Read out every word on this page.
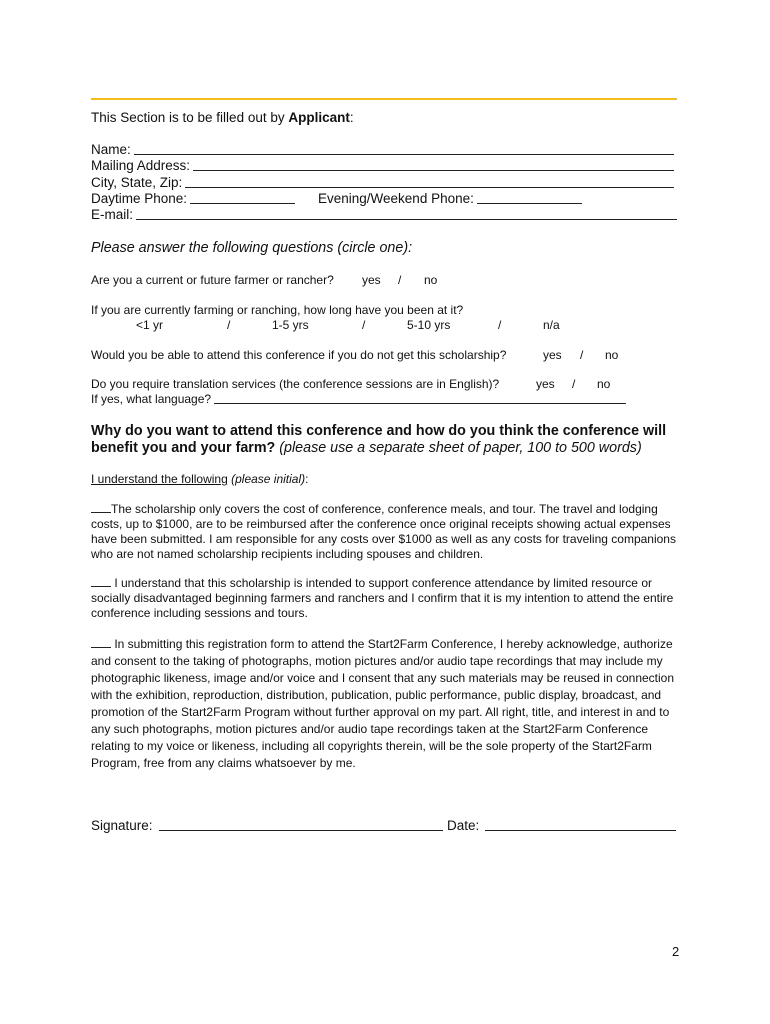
This Section is to be filled out by Applicant:
Name:
Mailing Address:
City, State, Zip:
Daytime Phone:	Evening/Weekend Phone:
E-mail:
Please answer the following questions (circle one):
Are you a current or future farmer or rancher? yes / no
If you are currently farming or ranching, how long have you been at it?
<1 yr	/	1-5 yrs	/	5-10 yrs	/	n/a
Would you be able to attend this conference if you do not get this scholarship?	yes / no
Do you require translation services (the conference sessions are in English)?	yes / no
If yes, what language?
Why do you want to attend this conference and how do you think the conference will
benefit you and your farm? (please use a separate sheet of paper, 100 to 500 words)
I understand the following (please initial):
The scholarship only covers the cost of conference, conference meals, and tour. The travel and lodging costs, up to $1000, are to be reimbursed after the conference once original receipts showing actual expenses have been submitted. I am responsible for any costs over $1000 as well as any costs for traveling companions who are not named scholarship recipients including spouses and children.
I understand that this scholarship is intended to support conference attendance by limited resource or socially disadvantaged beginning farmers and ranchers and I confirm that it is my intention to attend the entire conference including sessions and tours.
In submitting this registration form to attend the Start2Farm Conference, I hereby acknowledge, authorize and consent to the taking of photographs, motion pictures and/or audio tape recordings that may include my photographic likeness, image and/or voice and I consent that any such materials may be reused in connection with the exhibition, reproduction, distribution, publication, public performance, public display, broadcast, and promotion of the Start2Farm Program without further approval on my part. All right, title, and interest in and to any such photographs, motion pictures and/or audio tape recordings taken at the Start2Farm Conference relating to my voice or likeness, including all copyrights therein, will be the sole property of the Start2Farm Program, free from any claims whatsoever by me.
Signature:	Date:
2
